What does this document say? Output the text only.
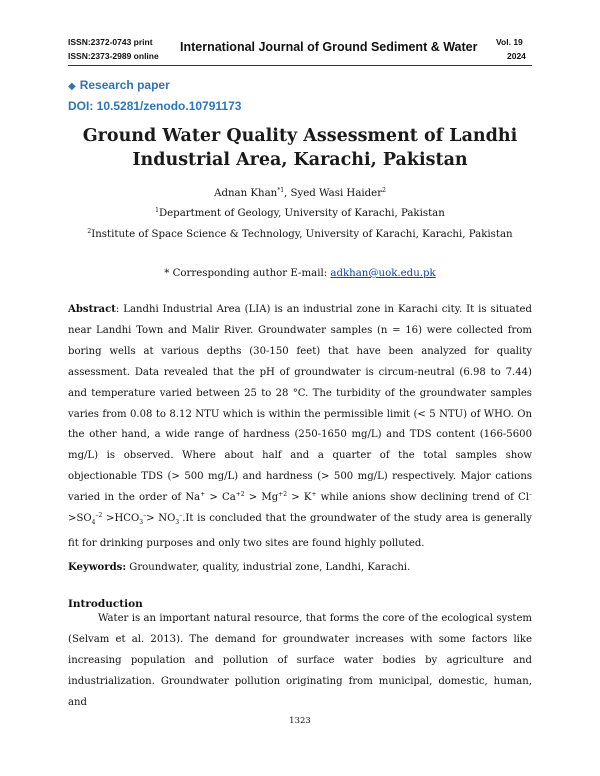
ISSN:2372-0743 print
ISSN:2373-2989 online
International Journal of Ground Sediment & Water Vol. 19
2024
◆ Research paper
DOI: 10.5281/zenodo.10791173
Ground Water Quality Assessment of Landhi Industrial Area, Karachi, Pakistan
Adnan Khan$^{*1}$, Syed Wasi Haider$^2$
$^1$Department of Geology, University of Karachi, Pakistan
$^2$Institute of Space Science & Technology, University of Karachi, Karachi, Pakistan
* Corresponding author E-mail: adkhan@uok.edu.pk
Abstract: Landhi Industrial Area (LIA) is an industrial zone in Karachi city. It is situated near Landhi Town and Malir River. Groundwater samples (n = 16) were collected from boring wells at various depths (30-150 feet) that have been analyzed for quality assessment. Data revealed that the pH of groundwater is circum-neutral (6.98 to 7.44) and temperature varied between 25 to 28 °C. The turbidity of the groundwater samples varies from 0.08 to 8.12 NTU which is within the permissible limit (< 5 NTU) of WHO. On the other hand, a wide range of hardness (250-1650 mg/L) and TDS content (166-5600 mg/L) is observed. Where about half and a quarter of the total samples show objectionable TDS (> 500 mg/L) and hardness (> 500 mg/L) respectively. Major cations varied in the order of $Na^+ > Ca^{+2} > Mg^{+2} > K^+$ while anions show declining trend of $Cl^- >SO_4^{-2} >HCO_3^-> NO_3^-.It$ is concluded that the groundwater of the study area is generally fit for drinking purposes and only two sites are found highly polluted.
Keywords: Groundwater, quality, industrial zone, Landhi, Karachi.
Introduction
Water is an important natural resource, that forms the core of the ecological system (Selvam et al. 2013). The demand for groundwater increases with some factors like increasing population and pollution of surface water bodies by agriculture and industrialization. Groundwater pollution originating from municipal, domestic, human, and
1323
